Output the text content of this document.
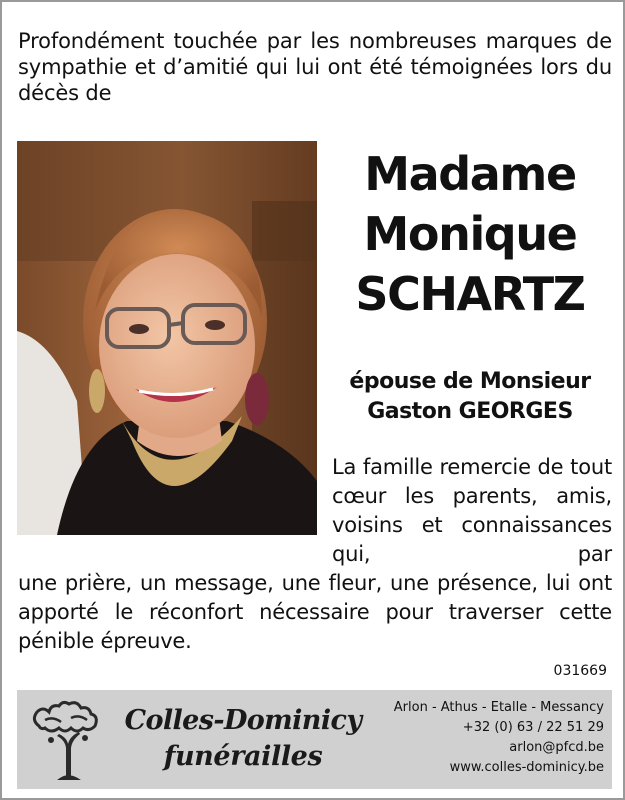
Profondément touchée par les nombreuses marques de sympathie et d’amitié qui lui ont été témoignées lors du décès de

Madame
Monique
SCHARTZ

épouse de Monsieur
Gaston GEORGES

La famille remercie de tout cœur les parents, amis, voisins et connaissances qui, par

une prière, un message, une fleur, une présence, lui ont apporté le réconfort nécessaire pour traverser cette pénible épreuve.

031669

Colles-Dominicy
funérailles
Arlon - Athus - Etalle - Messancy
+32 (0) 63 / 22 51 29
arlon@pfcd.be
www.colles-dominicy.be
